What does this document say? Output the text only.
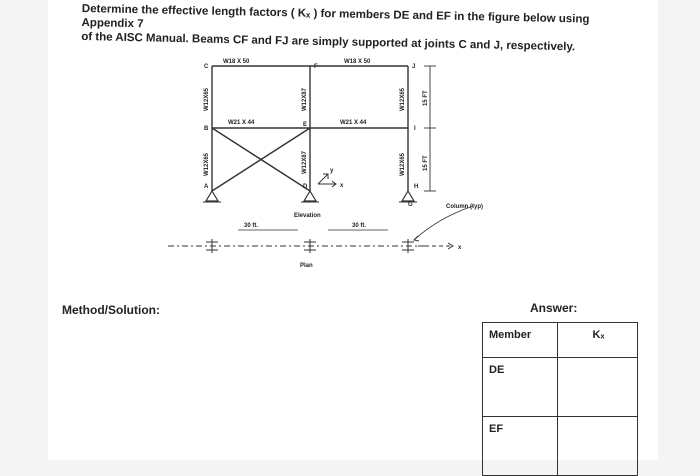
Determine the effective length factors ( Kₓ ) for members DE and EF in the figure below using Appendix 7
of the AISC Manual. Beams CF and FJ are simply supported at joints C and J, respectively.
W18 X 50	W18 X 50
W21 X 44	W21 X 44
C
B
A
F
E
D
J
I
H
G
y
x
Elevation
Column (typ)
30 ft.	30 ft.
Plan
x
W12X65
W12X65
W12X87
W12X87
W12X65
W12X65
15 FT
15 FT
Method/Solution:	Answer:
Member	Kₓ
DE	
EF	
